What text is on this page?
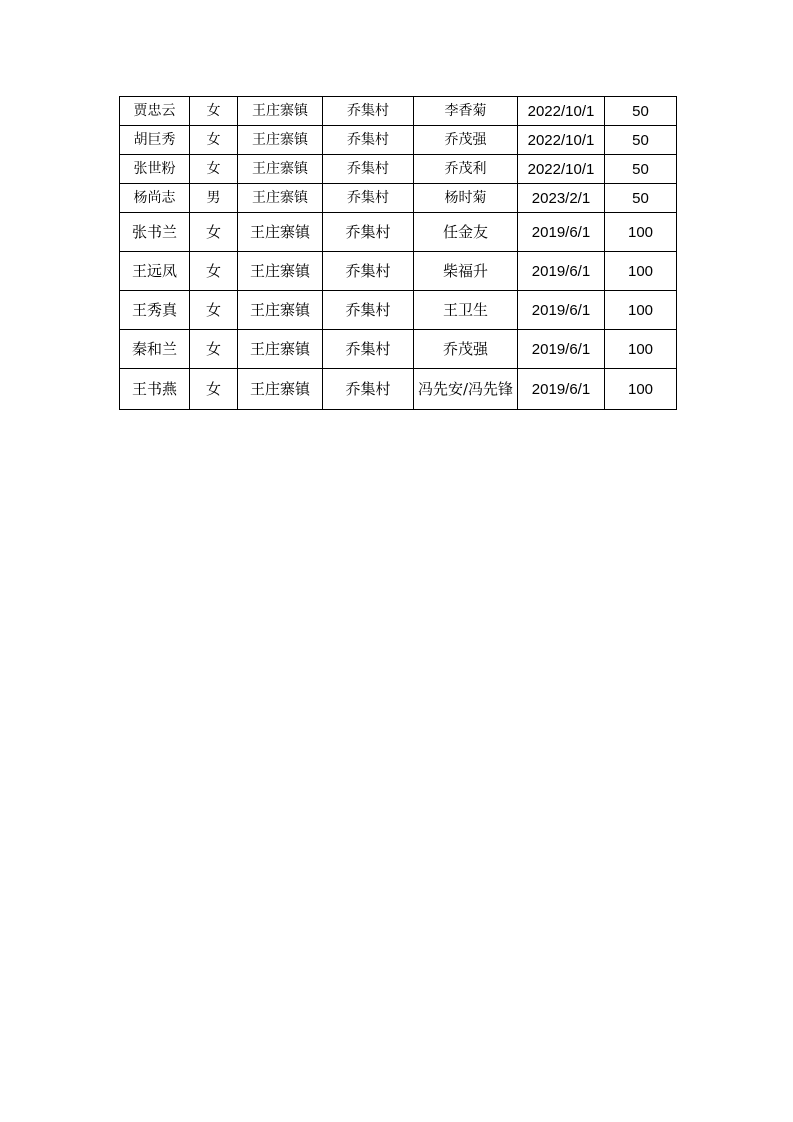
贾忠云	女	王庄寨镇	乔集村	李香菊	2022/10/1	50
胡巨秀	女	王庄寨镇	乔集村	乔茂强	2022/10/1	50
张世粉	女	王庄寨镇	乔集村	乔茂利	2022/10/1	50
杨尚志	男	王庄寨镇	乔集村	杨时菊	2023/2/1	50
张书兰	女	王庄寨镇	乔集村	任金友	2019/6/1	100
王远凤	女	王庄寨镇	乔集村	柴福升	2019/6/1	100
王秀真	女	王庄寨镇	乔集村	王卫生	2019/6/1	100
秦和兰	女	王庄寨镇	乔集村	乔茂强	2019/6/1	100
王书燕	女	王庄寨镇	乔集村	冯先安/冯先锋	2019/6/1	100
